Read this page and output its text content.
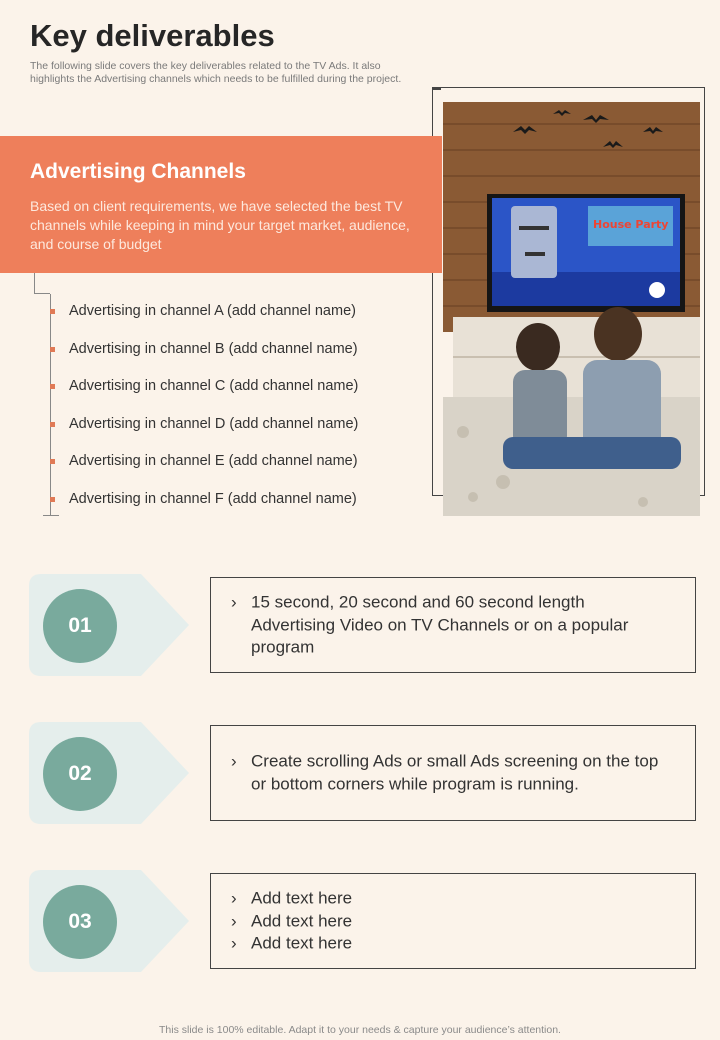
Key deliverables

The following slide covers the key deliverables related to the TV Ads. It also highlights the Advertising channels which needs to be fulfilled during the project.

House Party
Advertising Channels
Based on client requirements, we have selected the best TV channels while keeping in mind your target market, audience, and course of budget
Advertising in channel A (add channel name)
Advertising in channel B (add channel name)
Advertising in channel C (add channel name)
Advertising in channel D (add channel name)
Advertising in channel E (add channel name)
Advertising in channel F (add channel name)
01
› 15 second, 20 second and 60 second length Advertising Video on TV Channels or on a popular program
02
› Create scrolling Ads or small Ads screening on the top or bottom corners while program is running.
03
› Add text here
› Add text here
› Add text here
This slide is 100% editable. Adapt it to your needs & capture your audience’s attention.
